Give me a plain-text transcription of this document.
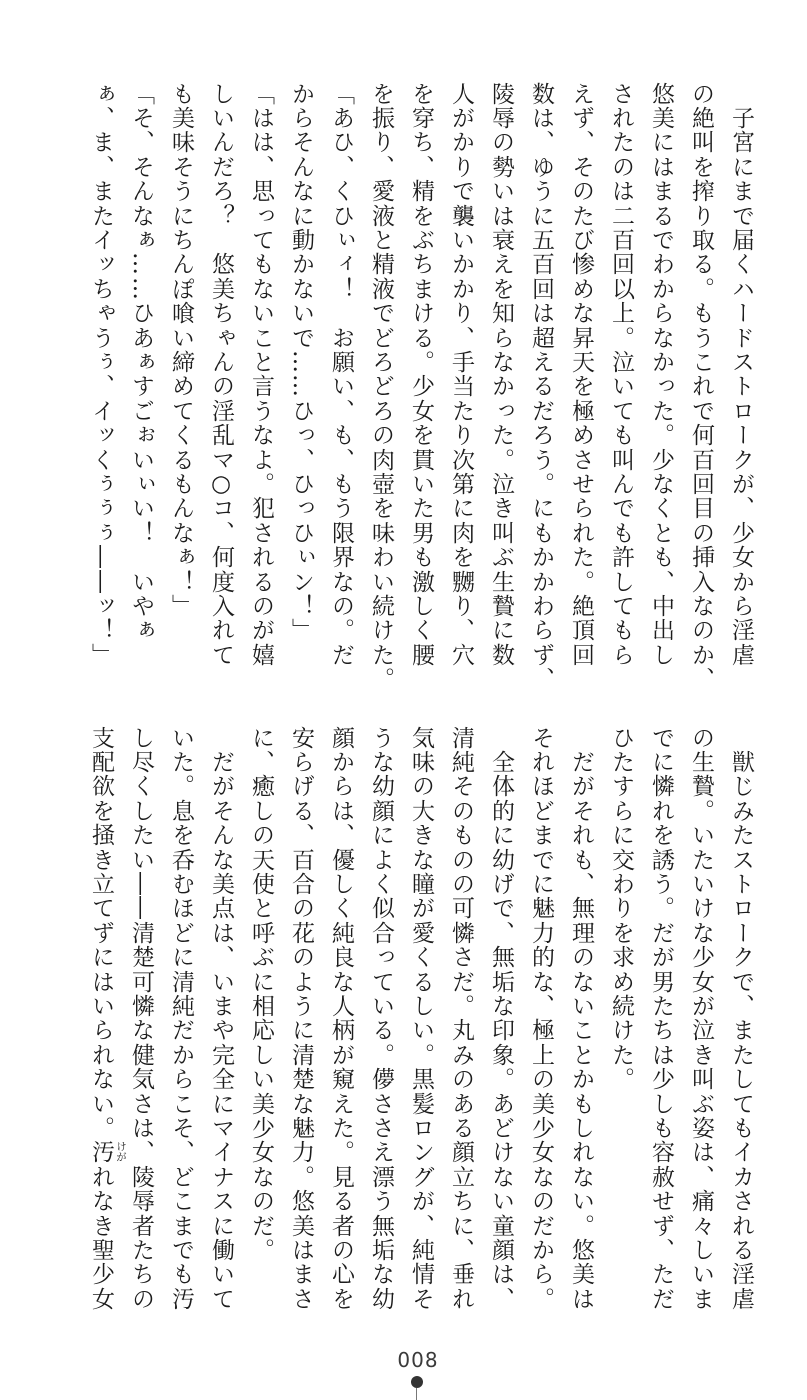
子
宮
に
ま
で
届
く
ハ
ー
ド
ス
ト
ロ
ー
ク
が
、
少
女
か
ら
淫
虐
の
絶
叫
を
搾
り
取
る
。
も
う
こ
れ
で
何
百
回
目
の
挿
入
な
の
か
、
悠
美
に
は
ま
る
で
わ
か
ら
な
か
っ
た
。
少
な
く
と
も
、
中
出
し
さ
れ
た
の
は
二
百
回
以
上
。
泣
い
て
も
叫
ん
で
も
許
し
て
も
ら
え
ず
、
そ
の
た
び
惨
め
な
昇
天
を
極
め
さ
せ
ら
れ
た
。
絶
頂
回
数
は
、
ゆ
う
に
五
百
回
は
超
え
る
だ
ろ
う
。
に
も
か
か
わ
ら
ず
、
陵
辱
の
勢
い
は
衰
え
を
知
ら
な
か
っ
た
。
泣
き
叫
ぶ
生
贄
に
数
人
が
か
り
で
襲
い
か
か
り
、
手
当
た
り
次
第
に
肉
を
嬲
り
、
穴
を
穿
ち
、
精
を
ぶ
ち
ま
け
る
。
少
女
を
貫
い
た
男
も
激
し
く
腰
を
振
り
、
愛
液
と
精
液
で
ど
ろ
ど
ろ
の
肉
壺
を
味
わ
い
続
け
た
。
「
あ
ひ
、
く
ひ
ぃ
ィ
！

お
願
い
、
も
、
も
う
限
界
な
の
。
だ
か
ら
そ
ん
な
に
動
か
な
い
で
…
…
ひ
っ
、
ひ
っ
ひ
ぃ
ン
！
」
「
は
は
、
思
っ
て
も
な
い
こ
と
言
う
な
よ
。
犯
さ
れ
る
の
が
嬉
し
い
ん
だ
ろ
？

悠
美
ち
ゃ
ん
の
淫
乱
マ
○
コ
、
何
度
入
れ
て
も
美
味
そ
う
に
ち
ん
ぽ
喰
い
締
め
て
く
る
も
ん
な
ぁ
！
」
「
そ
、
そ
ん
な
ぁ
…
…
ひ
あ
ぁ
す
ご
ぉ
い
ぃ
い
！

い
や
ぁ
ぁ
、
ま
、
ま
た
イ
ッ
ち
ゃ
う
ぅ
、
イ
ッ
く
ぅ
ぅ
ぅ
―
―
ッ
！
」

獣
じ
み
た
ス
ト
ロ
ー
ク
で
、
ま
た
し
て
も
イ
カ
さ
れ
る
淫
虐
の
生
贄
。
い
た
い
け
な
少
女
が
泣
き
叫
ぶ
姿
は
、
痛
々
し
い
ま
で
に
憐
れ
を
誘
う
。
だ
が
男
た
ち
は
少
し
も
容
赦
せ
ず
、
た
だ
ひ
た
す
ら
に
交
わ
り
を
求
め
続
け
た
。

だ
が
そ
れ
も
、
無
理
の
な
い
こ
と
か
も
し
れ
な
い
。
悠
美
は
そ
れ
ほ
ど
ま
で
に
魅
力
的
な
、
極
上
の
美
少
女
な
の
だ
か
ら
。

全
体
的
に
幼
げ
で
、
無
垢
な
印
象
。
あ
ど
け
な
い
童
顔
は
、
清
純
そ
の
も
の
の
可
憐
さ
だ
。
丸
み
の
あ
る
顔
立
ち
に
、
垂
れ
気
味
の
大
き
な
瞳
が
愛
く
る
し
い
。
黒
髪
ロ
ン
グ
が
、
純
情
そ
う
な
幼
顔
に
よ
く
似
合
っ
て
い
る
。
儚
さ
さ
え
漂
う
無
垢
な
幼
顔
か
ら
は
、
優
し
く
純
良
な
人
柄
が
窺
え
た
。
見
る
者
の
心
を
安
ら
げ
る
、
百
合
の
花
の
よ
う
に
清
楚
な
魅
力
。
悠
美
は
ま
さ
に
、
癒
し
の
天
使
と
呼
ぶ
に
相
応
し
い
美
少
女
な
の
だ
。

だ
が
そ
ん
な
美
点
は
、
い
ま
や
完
全
に
マ
イ
ナ
ス
に
働
い
て
い
た
。
息
を
呑
む
ほ
ど
に
清
純
だ
か
ら
こ
そ
、
ど
こ
ま
で
も
汚
し
尽
く
し
た
い
―
―
清
楚
可
憐
な
健
気
さ
は
、
陵
辱
者
た
ち
の
支
配
欲
を
掻
き
立
て
ず
に
は
い
ら
れ
な
い
。
汚
れ
な
き
聖
少
女
けが
008
